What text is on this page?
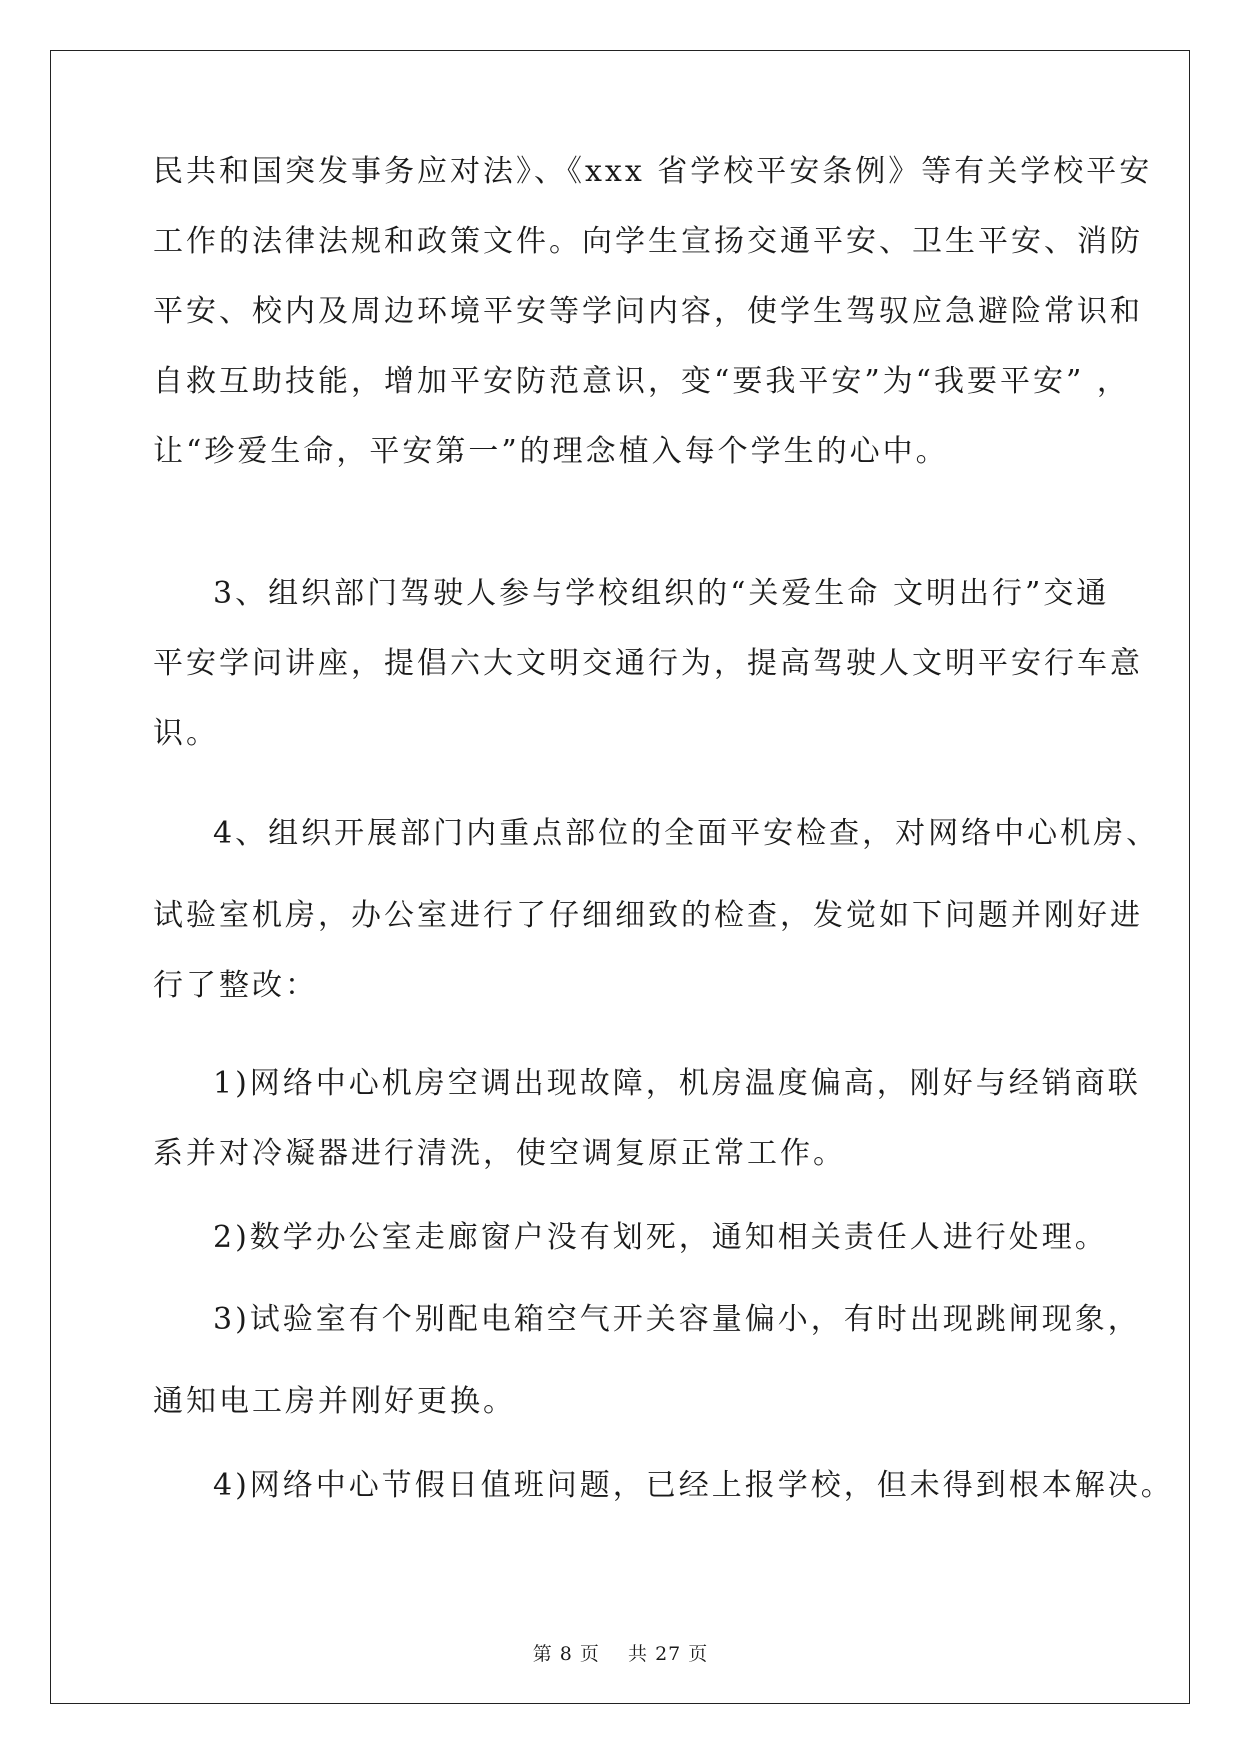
民共和国突发事务应对法》、《xxx 省学校平安条例》等有关学校平安
工作的法律法规和政策文件。向学生宣扬交通平安、卫生平安、消防
平安、校内及周边环境平安等学问内容，使学生驾驭应急避险常识和
自救互助技能，增加平安防范意识，变“要我平安”为“我要平安” ，
让“珍爱生命，平安第一”的理念植入每个学生的心中。
3、组织部门驾驶人参与学校组织的“关爱生命 文明出行”交通
平安学问讲座，提倡六大文明交通行为，提高驾驶人文明平安行车意
识。
4、组织开展部门内重点部位的全面平安检查，对网络中心机房、
试验室机房，办公室进行了仔细细致的检查，发觉如下问题并刚好进
行了整改：
1)网络中心机房空调出现故障，机房温度偏高，刚好与经销商联
系并对冷凝器进行清洗，使空调复原正常工作。
2)数学办公室走廊窗户没有划死，通知相关责任人进行处理。
3)试验室有个别配电箱空气开关容量偏小，有时出现跳闸现象，
通知电工房并刚好更换。
4)网络中心节假日值班问题，已经上报学校，但未得到根本解决。
第 8 页 共 27 页
